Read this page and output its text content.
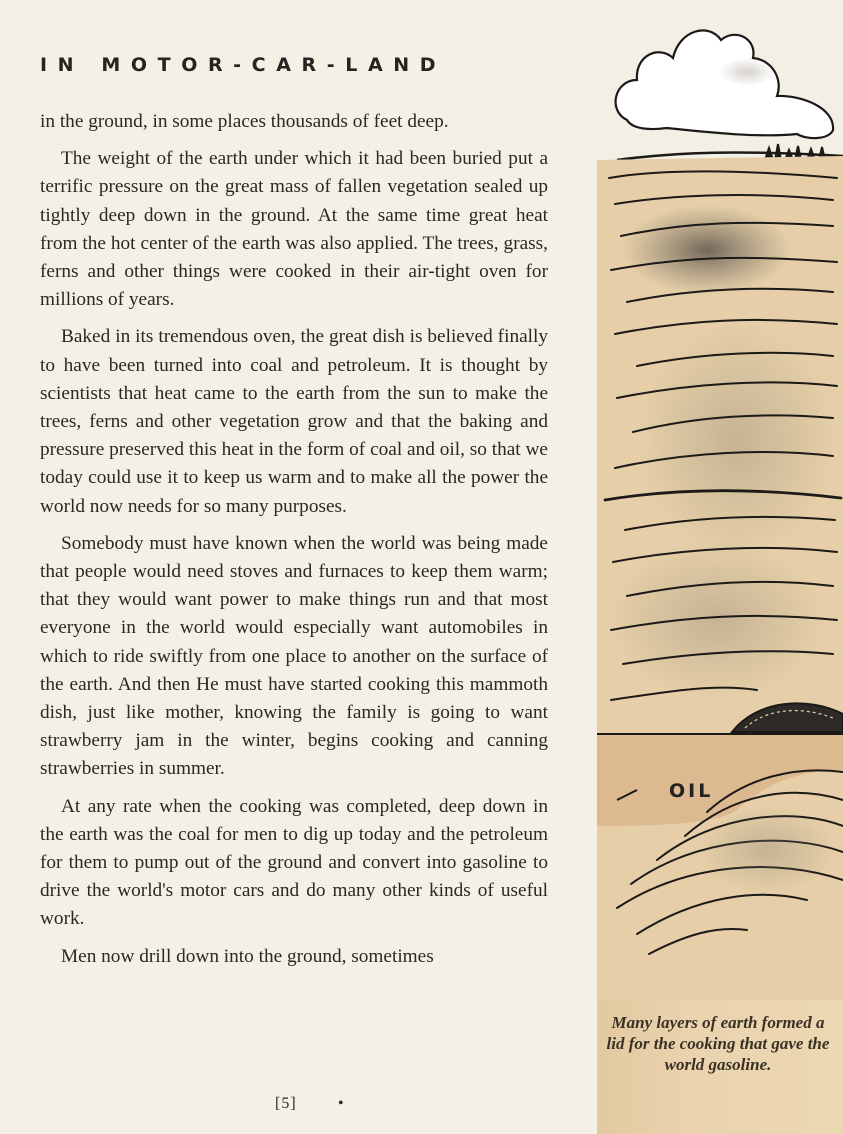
IN MOTOR-CAR-LAND

in the ground, in some places thousands of feet deep.

The weight of the earth under which it had been buried put a terrific pressure on the great mass of fallen vegetation sealed up tightly deep down in the ground. At the same time great heat from the hot center of the earth was also applied. The trees, grass, ferns and other things were cooked in their air-tight oven for millions of years.

Baked in its tremendous oven, the great dish is believed finally to have been turned into coal and petroleum. It is thought by scientists that heat came to the earth from the sun to make the trees, ferns and other vegetation grow and that the baking and pressure preserved this heat in the form of coal and oil, so that we today could use it to keep us warm and to make all the power the world now needs for so many purposes.

Somebody must have known when the world was being made that people would need stoves and furnaces to keep them warm; that they would want power to make things run and that most everyone in the world would especially want automobiles in which to ride swiftly from one place to another on the surface of the earth. And then He must have started cooking this mammoth dish, just like mother, knowing the family is going to want strawberry jam in the winter, begins cooking and canning strawberries in summer.

At any rate when the cooking was completed, deep down in the earth was the coal for men to dig up today and the petroleum for them to pump out of the ground and convert into gasoline to drive the world's motor cars and do many other kinds of useful work.

Men now drill down into the ground, sometimes

[5]	•
OIL
Many layers of earth formed a lid for the cooking that gave the world gasoline.
